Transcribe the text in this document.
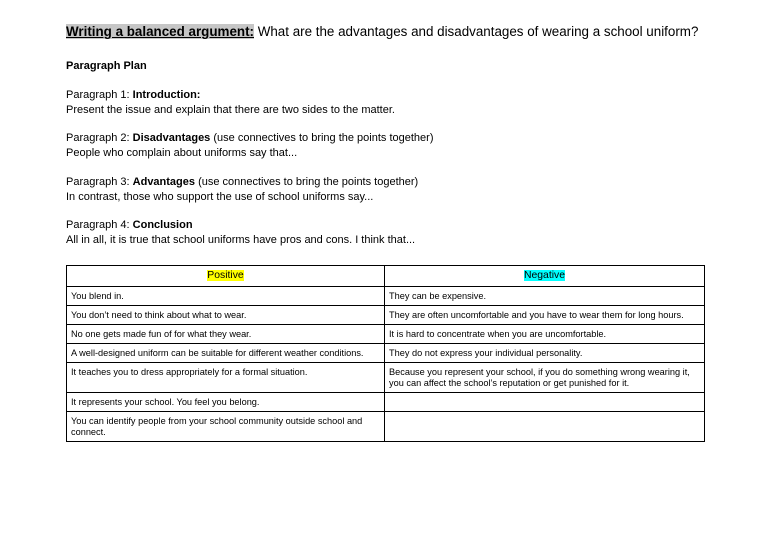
Writing a balanced argument: What are the advantages and disadvantages of wearing a school uniform?
Paragraph Plan
Paragraph 1: Introduction:
Present the issue and explain that there are two sides to the matter.
Paragraph 2: Disadvantages (use connectives to bring the points together)
People who complain about uniforms say that...
Paragraph 3: Advantages (use connectives to bring the points together)
In contrast, those who support the use of school uniforms say...
Paragraph 4: Conclusion
All in all, it is true that school uniforms have pros and cons. I think that...
Positive	Negative
You blend in.	They can be expensive.
You don’t need to think about what to wear.	They are often uncomfortable and you have to wear them for long hours.
No one gets made fun of for what they wear.	It is hard to concentrate when you are uncomfortable.
A well-designed uniform can be suitable for different weather conditions.	They do not express your individual personality.
It teaches you to dress appropriately for a formal situation.	Because you represent your school, if you do something wrong wearing it, you can affect the school’s reputation or get punished for it.
It represents your school. You feel you belong.	
You can identify people from your school community outside school and connect.	
